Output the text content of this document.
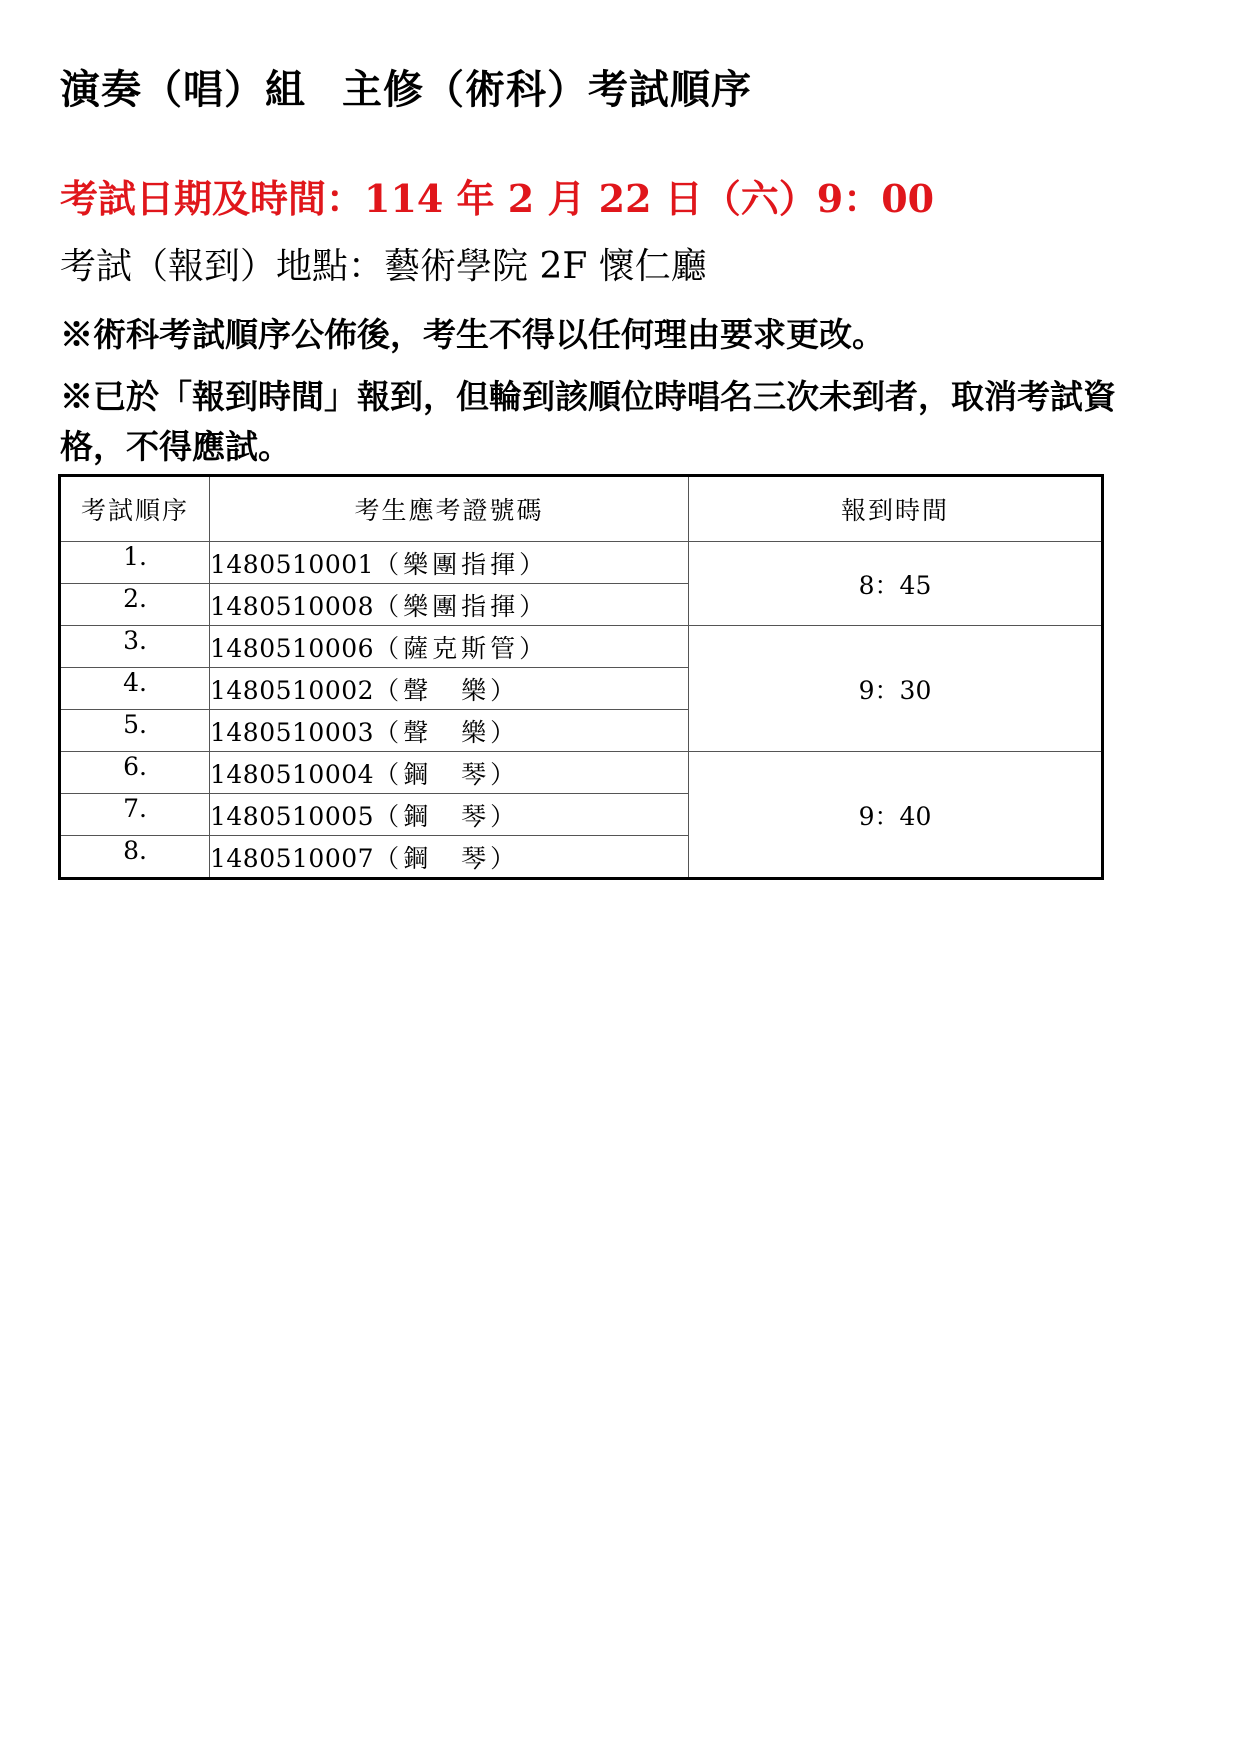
演奏（唱）組 主修（術科）考試順序
考試日期及時間：114 年 2 月 22 日（六）9：00
考試（報到）地點：藝術學院 2F 懷仁廳
※術科考試順序公佈後，考生不得以任何理由要求更改。
※已於「報到時間」報到，但輪到該順位時唱名三次未到者，取消考試資格，不得應試。
考試順序	考生應考證號碼	報到時間
1.	1480510001（樂團指揮）	8：45
2.	1480510008（樂團指揮）	
3.	1480510006（薩克斯管）	9：30
4.	1480510002（聲　樂）	
5.	1480510003（聲　樂）	
6.	1480510004（鋼　琴）	9：40
7.	1480510005（鋼　琴）	
8.	1480510007（鋼　琴）	
